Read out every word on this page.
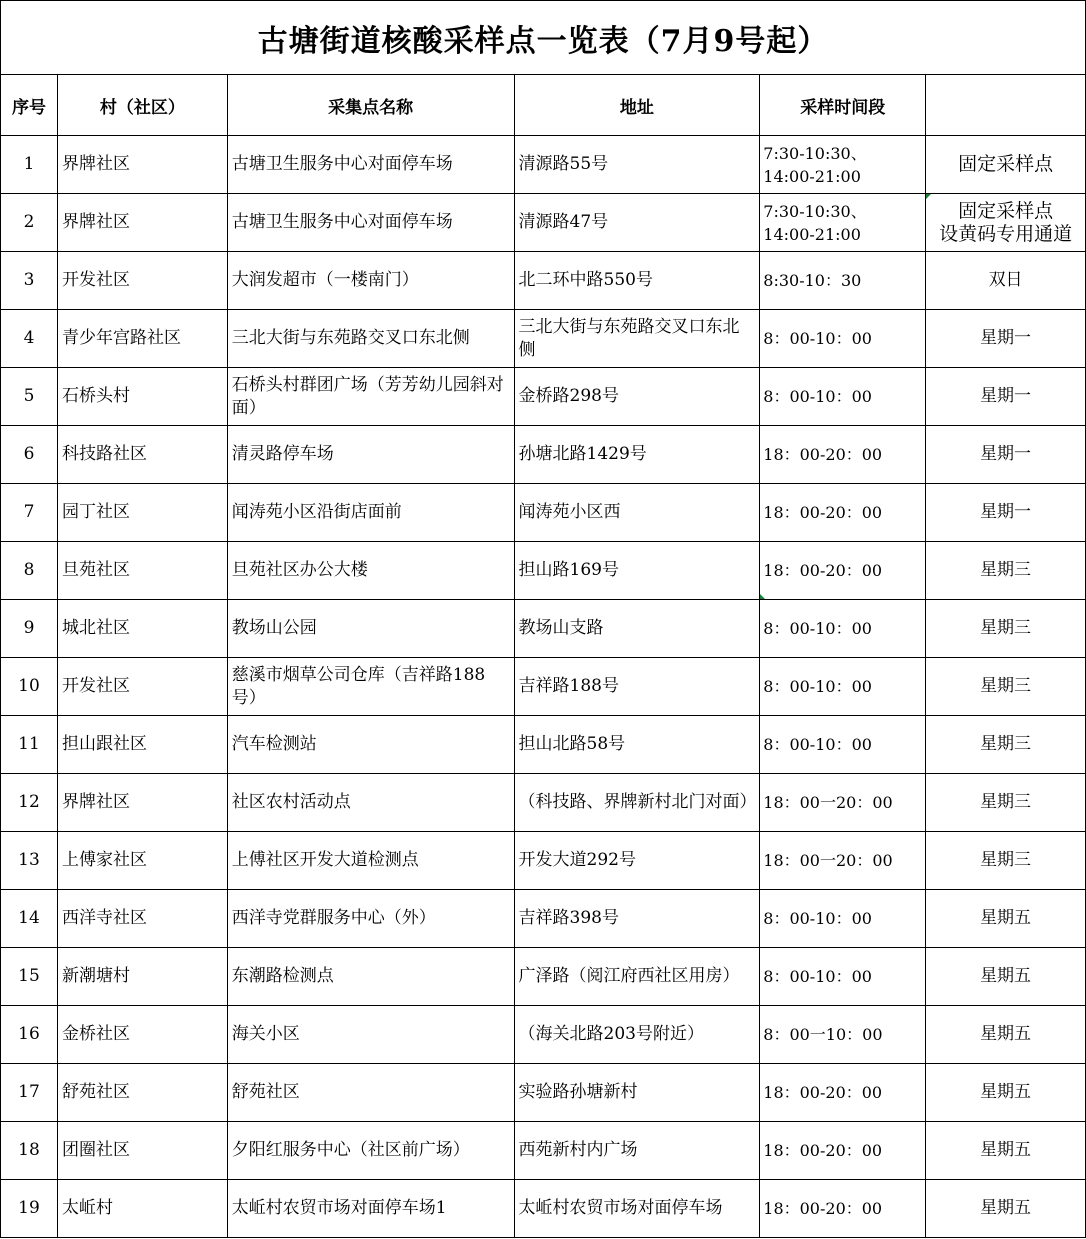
古塘街道核酸采样点一览表（7月9号起）					
序号	村（社区）	采集点名称	地址	采样时间段	
1	界牌社区	古塘卫生服务中心对面停车场	清源路55号	7:30-10:30、
14:00-21:00	固定采样点
2	界牌社区	古塘卫生服务中心对面停车场	清源路47号	7:30-10:30、
14:00-21:00	固定采样点
设黄码专用通道

3	开发社区	大润发超市（一楼南门）	北二环中路550号	8:30-10：30	双日
4	青少年宫路社区	三北大街与东苑路交叉口东北侧	三北大街与东苑路交叉口东北侧	8：00-10：00	星期一
5	石桥头村	石桥头村群团广场（芳芳幼儿园斜对面）	金桥路298号	8：00-10：00	星期一
6	科技路社区	清灵路停车场	孙塘北路1429号	18：00-20：00	星期一
7	园丁社区	闻涛苑小区沿街店面前	闻涛苑小区西	18：00-20：00	星期一
8	旦苑社区	旦苑社区办公大楼	担山路169号	18：00-20：00	星期三
9	城北社区	教场山公园	教场山支路	8：00-10：00	星期三
10	开发社区	慈溪市烟草公司仓库（吉祥路188号）	吉祥路188号	8：00-10：00	星期三
11	担山跟社区	汽车检测站	担山北路58号	8：00-10：00	星期三
12	界牌社区	社区农村活动点	（科技路、界牌新村北门对面）	18：00一20：00	星期三
13	上傅家社区	上傅社区开发大道检测点	开发大道292号	18：00一20：00	星期三
14	西洋寺社区	西洋寺党群服务中心（外）	吉祥路398号	8：00-10：00	星期五
15	新潮塘村	东潮路检测点	广泽路（阅江府西社区用房）	8：00-10：00	星期五
16	金桥社区	海关小区	（海关北路203号附近）	8：00一10：00	星期五
17	舒苑社区	舒苑社区	实验路孙塘新村	18：00-20：00	星期五
18	团圈社区	夕阳红服务中心（社区前广场）	西苑新村内广场	18：00-20：00	星期五
19	太岴村	太岴村农贸市场对面停车场1	太岴村农贸市场对面停车场	18：00-20：00	星期五
